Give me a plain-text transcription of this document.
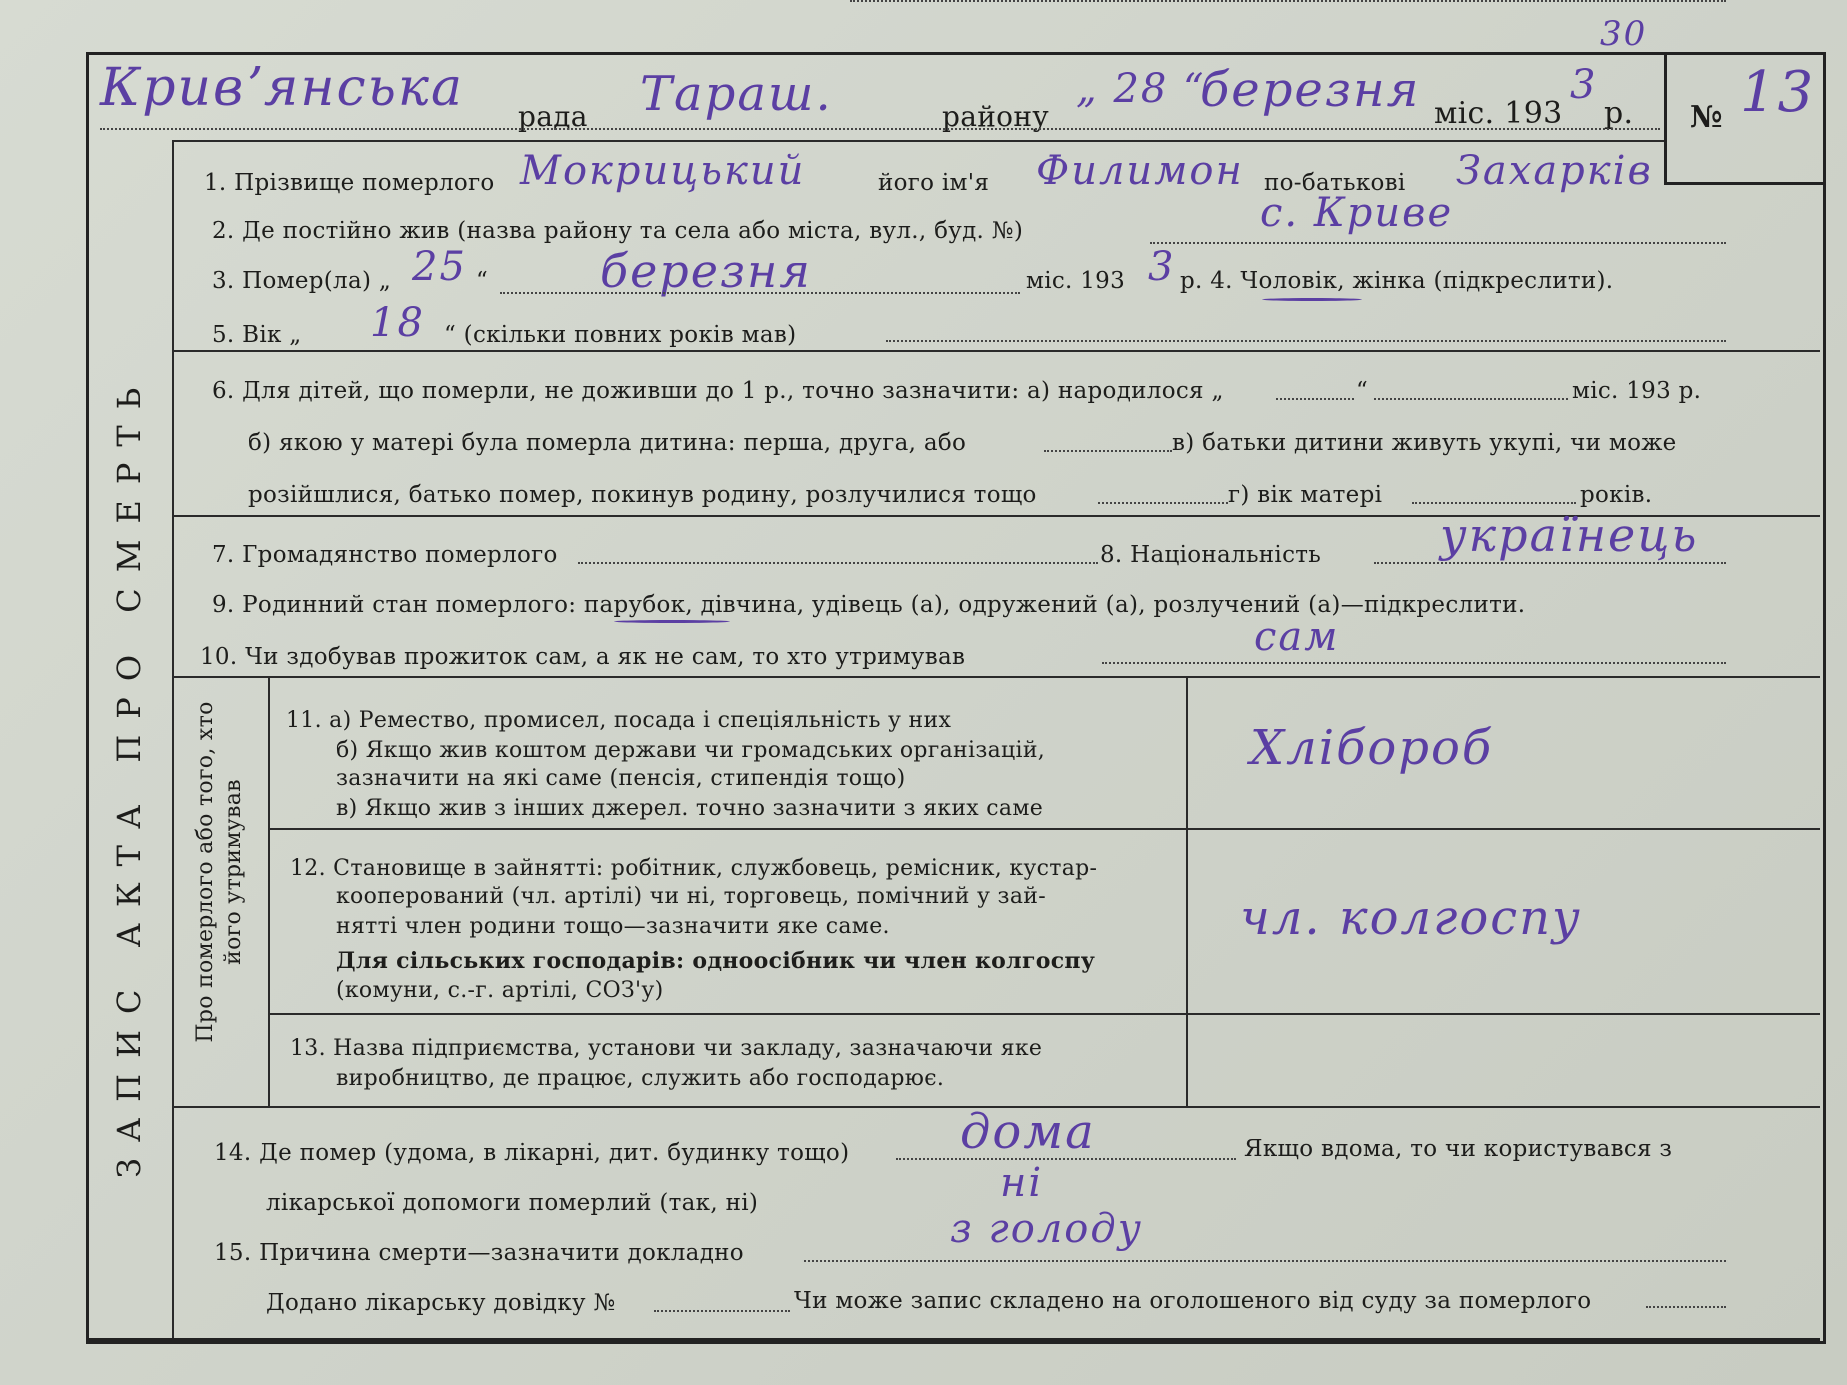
Кривʼянська рада Тараш.	району
„ 28 “
березня міс. 193
3
р. № 13
30
ЗАПИС АКТА ПРО СМЕРТЬ Про померлого або того, хто його утримував
1. Прізвище померлого Мокрицький	його ім'я Филимон по-батькові Захарків
2. Де постійно жив (назва району та села або міста, вул., буд. №)	с. Криве
3. Помер(ла) „ 25 “ березня	міс. 193 3 р. 4. Чоловік, жінка (підкреслити).
5. Вік „ 18 “ (скільки повних років мав)
6. Для дітей, що померли, не доживши до 1 р., точно зазначити: а) народилося „	“	міс. 193 р.
б) якою у матері була померла дитина: перша, друга, або	в) батьки дитини живуть укупі, чи може
розійшлися, батько помер, покинув родину, розлучилися тощо	г) вік матері	років.
7. Громадянство померлого	8. Національність	українець
9. Родинний стан померлого: парубок, дівчина, удівець (а), одружений (а), розлучений (а)—підкреслити.
10. Чи здобував прожиток сам, а як не сам, то хто утримував	сам
11. а) Ремество, промисел, посада і спеціяльність у них
б) Якщо жив коштом держави чи громадських організацій,
зазначити на які саме (пенсія, стипендія тощо)
в) Якщо жив з інших джерел. точно зазначити з яких саме
Хлібороб
12. Становище в зайнятті: робітник, службовець, ремісник, кустар-
кооперований (чл. артілі) чи ні, торговець, помічний у зай-
нятті член родини тощо—зазначити яке саме.
Для сільських господарів: одноосібник чи член колгоспу
(комуни, с.-г. артілі, СОЗ'у)
чл. колгоспу
13. Назва підприємства, установи чи закладу, зазначаючи яке
виробництво, де працює, служить або господарює.
14. Де помер (удома, в лікарні, дит. будинку тощо) дома	Якщо вдома, то чи користувався з
лікарської допомоги померлий (так, ні)	ні
15. Причина смерти—зазначити докладно
з голоду
Додано лікарську довідку №	Чи може запис складено на оголошеного від суду за померлого
